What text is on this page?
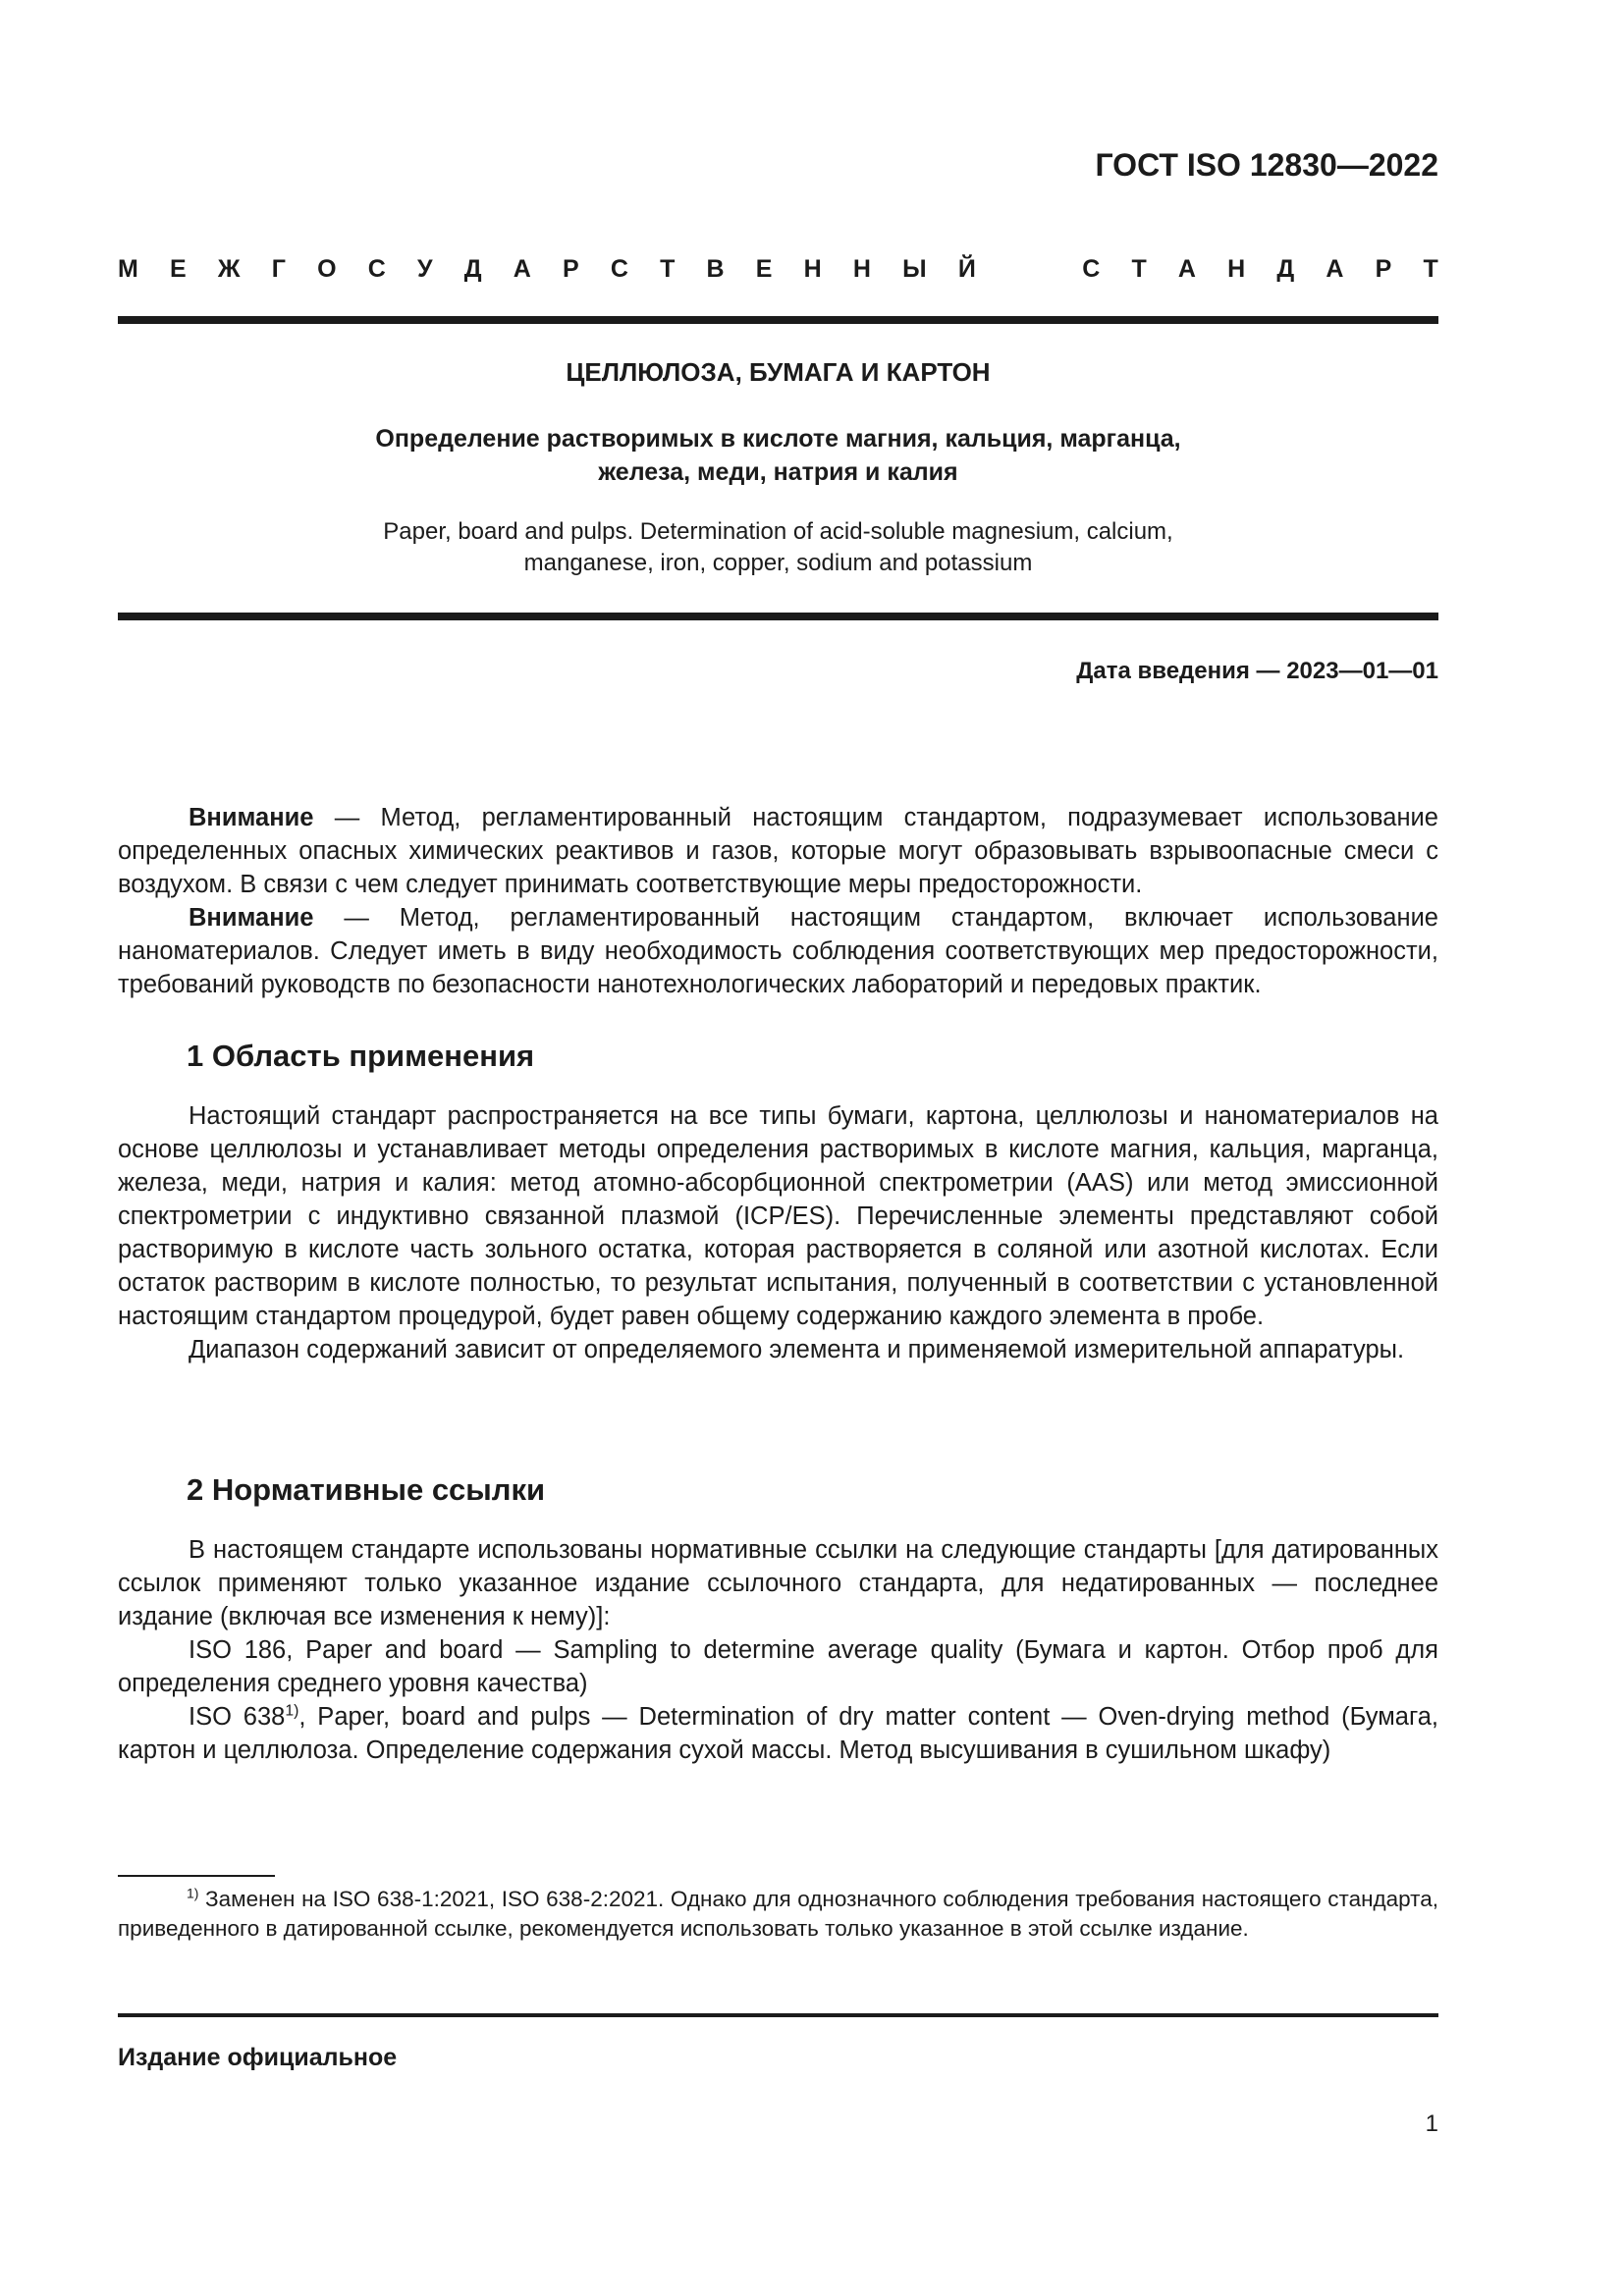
ГОСТ ISO 12830—2022
М Е Ж Г О С У Д А Р С Т В Е Н Н Ы Й	С Т А Н Д А Р Т
ЦЕЛЛЮЛОЗА, БУМАГА И КАРТОН
Определение растворимых в кислоте магния, кальция, марганца,
железа, меди, натрия и калия
Paper, board and pulps. Determination of acid-soluble magnesium, calcium,
manganese, iron, copper, sodium and potassium
Дата введения — 2023—01—01

Внимание — Метод, регламентированный настоящим стандартом, подразумевает использование определенных опасных химических реактивов и газов, которые могут образовывать взрывоопасные смеси с воздухом. В связи с чем следует принимать соответствующие меры предосторожности.

Внимание — Метод, регламентированный настоящим стандартом, включает использование наноматериалов. Следует иметь в виду необходимость соблюдения соответствующих мер предосторожности, требований руководств по безопасности нанотехнологических лабораторий и передовых практик.

1 Область применения

Настоящий стандарт распространяется на все типы бумаги, картона, целлюлозы и наноматериалов на основе целлюлозы и устанавливает методы определения растворимых в кислоте магния, кальция, марганца, железа, меди, натрия и калия: метод атомно-абсорбционной спектрометрии (AAS) или метод эмиссионной спектрометрии с индуктивно связанной плазмой (ICP/ES). Перечисленные элементы представляют собой растворимую в кислоте часть зольного остатка, которая растворяется в соляной или азотной кислотах. Если остаток растворим в кислоте полностью, то результат испытания, полученный в соответствии с установленной настоящим стандартом процедурой, будет равен общему содержанию каждого элемента в пробе.

Диапазон содержаний зависит от определяемого элемента и применяемой измерительной аппаратуры.

2 Нормативные ссылки

В настоящем стандарте использованы нормативные ссылки на следующие стандарты [для датированных ссылок применяют только указанное издание ссылочного стандарта, для недатированных — последнее издание (включая все изменения к нему)]:

ISO 186, Paper and board — Sampling to determine average quality (Бумага и картон. Отбор проб для определения среднего уровня качества)

ISO 638$^{1)}$, Paper, board and pulps — Determination of dry matter content — Oven-drying method (Бумага, картон и целлюлоза. Определение содержания сухой массы. Метод высушивания в сушильном шкафу)

$^{1)}$ Заменен на ISO 638-1:2021, ISO 638-2:2021. Однако для однозначного соблюдения требования настоящего стандарта, приведенного в датированной ссылке, рекомендуется использовать только указанное в этой ссылке издание.

Издание официальное
1
